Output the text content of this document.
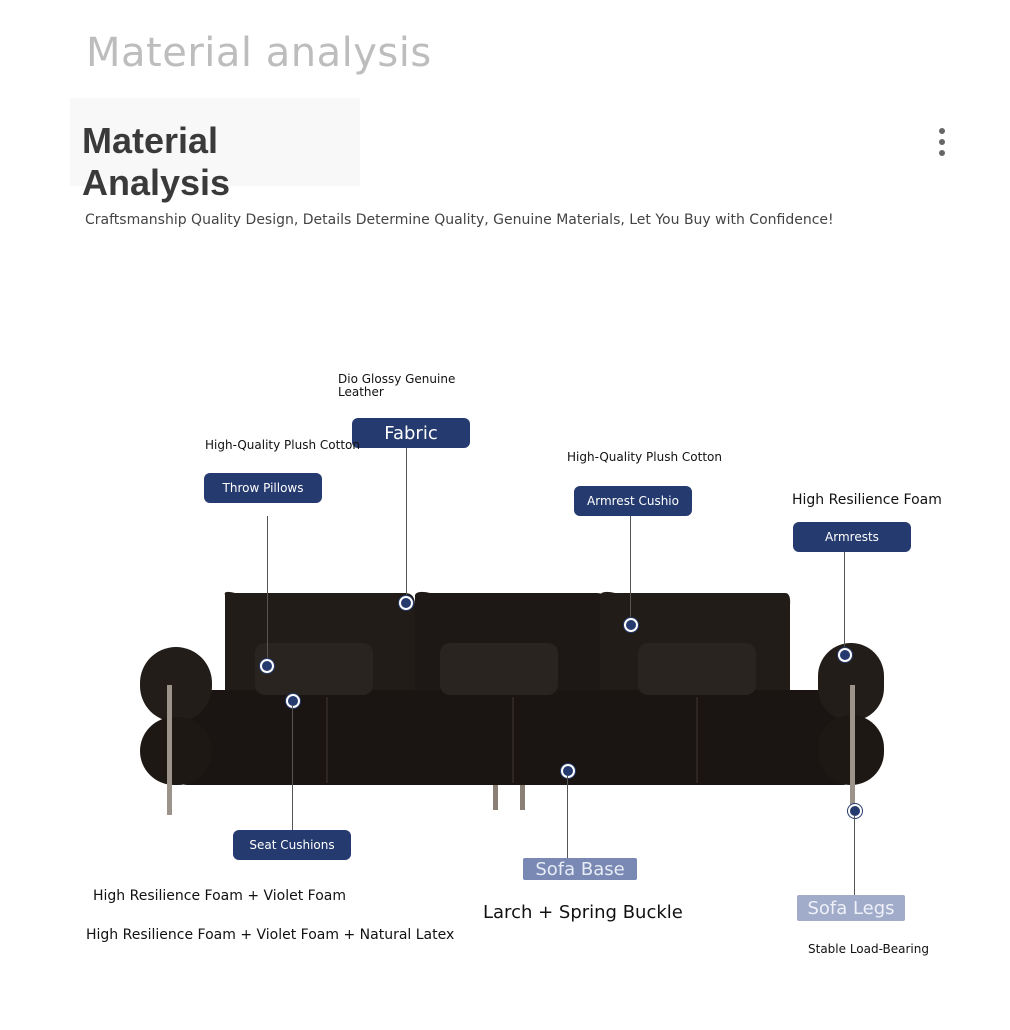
Material analysis
Material Analysis
Craftsmanship Quality Design, Details Determine Quality, Genuine Materials, Let You Buy with Confidence!
Dio Glossy Genuine
Leather
Fabric
High-Quality Plush Cotton
Throw Pillows
High-Quality Plush Cotton
Armrest Cushio	High Resilience Foam
Armrests
Seat Cushions
High Resilience Foam + Violet Foam
High Resilience Foam + Violet Foam + Natural Latex
Sofa Base
Larch + Spring Buckle	Sofa Legs
Stable Load-Bearing
